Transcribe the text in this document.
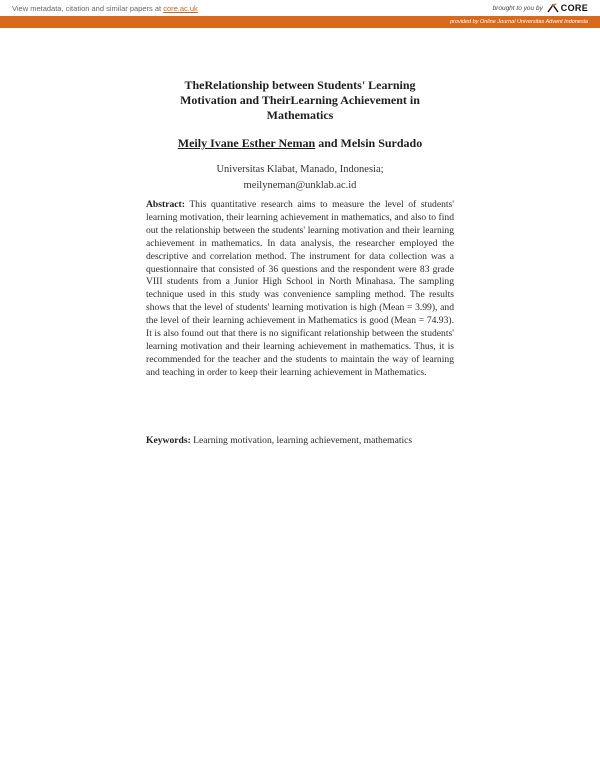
View metadata, citation and similar papers at core.ac.uk	brought to you by CORE
provided by Online Journal Universitas Advent Indonesia
TheRelationship between Students' Learning
Motivation and TheirLearning Achievement in
Mathematics
Meily Ivane Esther Neman and Melsin Surdado
Universitas Klabat, Manado, Indonesia;
meilyneman@unklab.ac.id

Abstract: This quantitative research aims to measure the level of students' learning motivation, their learning achievement in mathematics, and also to find out the relationship between the students' learning motivation and their learning achievement in mathematics. In data analysis, the researcher employed the descriptive and correlation method. The instrument for data collection was a questionnaire that consisted of 36 questions and the respondent were 83 grade VIII students from a Junior High School in North Minahasa. The sampling technique used in this study was convenience sampling method. The results shows that the level of students' learning motivation is high (Mean = 3.99), and the level of their learning achievement in Mathematics is good (Mean = 74.93). It is also found out that there is no significant relationship between the students' learning motivation and their learning achievement in mathematics. Thus, it is recommended for the teacher and the students to maintain the way of learning and teaching in order to keep their learning achievement in Mathematics.

Keywords: Learning motivation, learning achievement, mathematics
